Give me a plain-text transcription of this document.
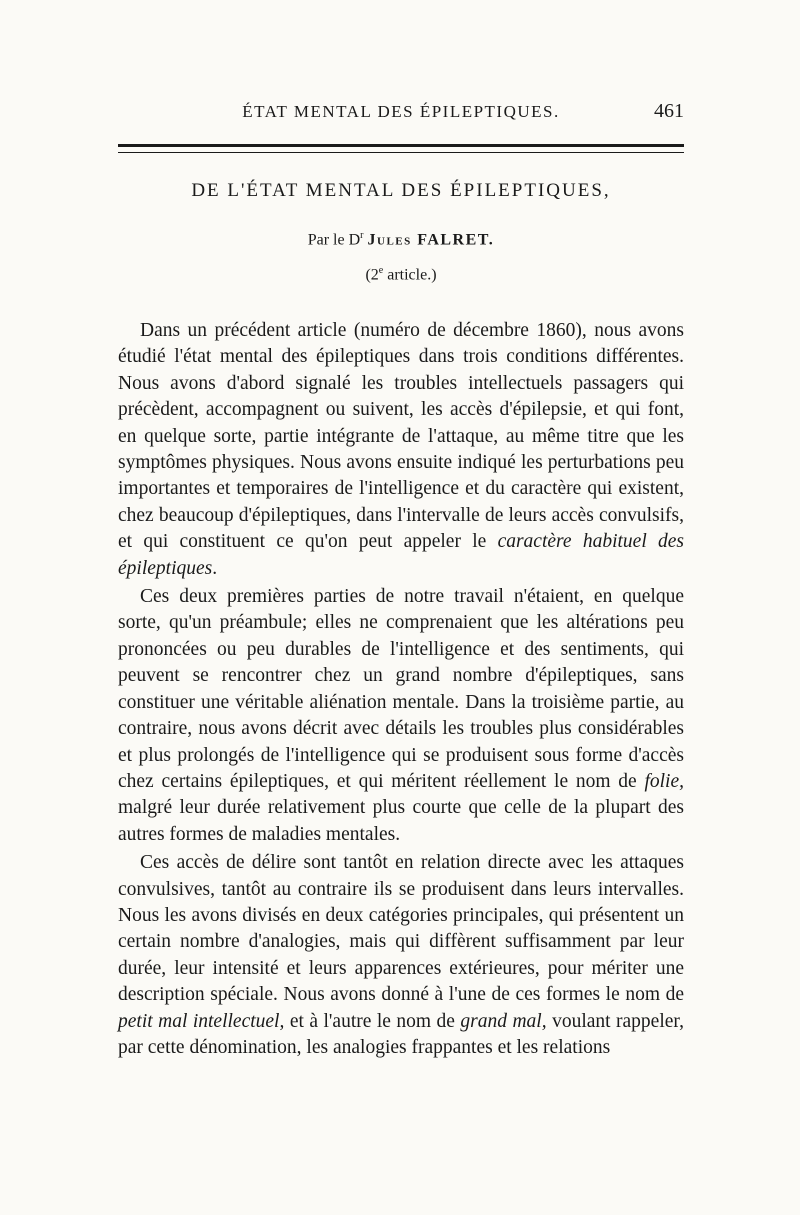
ÉTAT MENTAL DES ÉPILEPTIQUES.	461
DE L'ÉTAT MENTAL DES ÉPILEPTIQUES,
Par le $D^r$ Jules FALRET.
(2e article.)

Dans un précédent article (numéro de décembre 1860), nous avons étudié l'état mental des épileptiques dans trois conditions différentes. Nous avons d'abord signalé les troubles intellectuels passagers qui précèdent, accompagnent ou suivent, les accès d'épilepsie, et qui font, en quelque sorte, partie intégrante de l'attaque, au même titre que les symptômes physiques. Nous avons ensuite indiqué les perturbations peu importantes et temporaires de l'intelligence et du caractère qui existent, chez beaucoup d'épileptiques, dans l'intervalle de leurs accès convulsifs, et qui constituent ce qu'on peut appeler le caractère habituel des épileptiques.

Ces deux premières parties de notre travail n'étaient, en quelque sorte, qu'un préambule; elles ne comprenaient que les altérations peu prononcées ou peu durables de l'intelligence et des sentiments, qui peuvent se rencontrer chez un grand nombre d'épileptiques, sans constituer une véritable aliénation mentale. Dans la troisième partie, au contraire, nous avons décrit avec détails les troubles plus considérables et plus prolongés de l'intelligence qui se produisent sous forme d'accès chez certains épileptiques, et qui méritent réellement le nom de folie, malgré leur durée relativement plus courte que celle de la plupart des autres formes de maladies mentales.

Ces accès de délire sont tantôt en relation directe avec les attaques convulsives, tantôt au contraire ils se produisent dans leurs intervalles. Nous les avons divisés en deux catégories principales, qui présentent un certain nombre d'analogies, mais qui diffèrent suffisamment par leur durée, leur intensité et leurs apparences extérieures, pour mériter une description spéciale. Nous avons donné à l'une de ces formes le nom de petit mal intellectuel, et à l'autre le nom de grand mal, voulant rappeler, par cette dénomination, les analogies frappantes et les relations
